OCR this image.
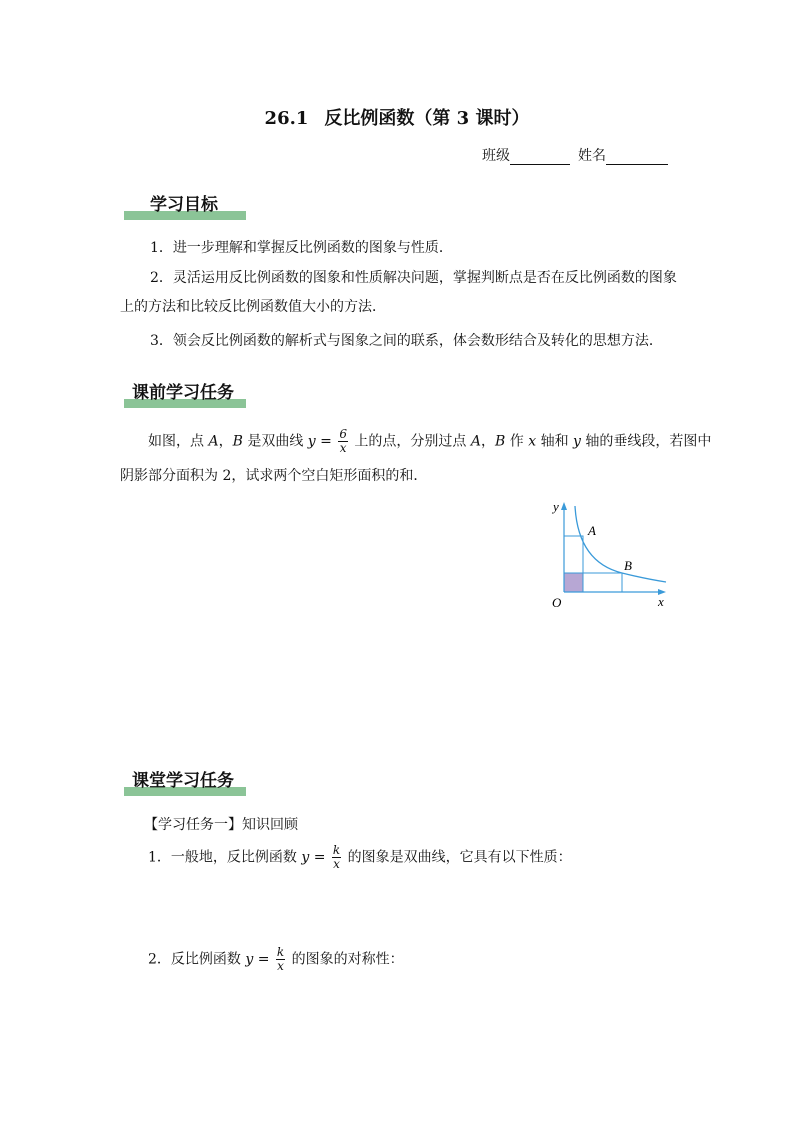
26.1 反比例函数（第 3 课时）
班级	姓名
学习目标
1．进一步理解和掌握反比例函数的图象与性质．
2．灵活运用反比例函数的图象和性质解决问题，掌握判断点是否在反比例函数的图象
上的方法和比较反比例函数值大小的方法．
3．领会反比例函数的解析式与图象之间的联系，体会数形结合及转化的思想方法．
课前学习任务
如图，点 A，B 是双曲线 $y = \frac{6}{x}$ 上的点，分别过点 A，B 作 x 轴和 y 轴的垂线段，若图中
阴影部分面积为 2，试求两个空白矩形面积的和．
y
x
O
A
B
课堂学习任务
【学习任务一】知识回顾
1．一般地，反比例函数 $y = \frac{k}{x}$ 的图象是双曲线，它具有以下性质：
2．反比例函数 $y = \frac{k}{x}$ 的图象的对称性：
